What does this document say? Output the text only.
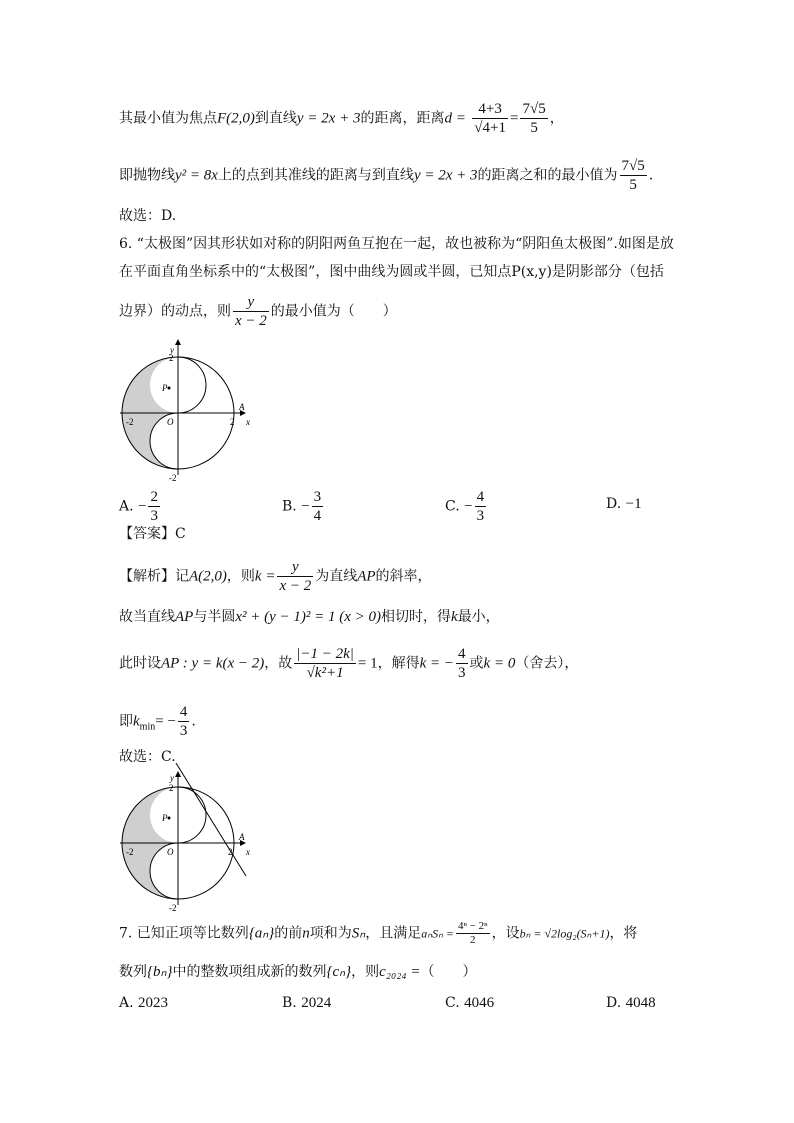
其最小值为焦点F(2,0)到直线y = 2x + 3的距离，距离$d = \frac{4+3}{√4+1} = \frac{7√5}{5}$ ，
即抛物线y² = 8x上的点到其准线的距离与到直线y = 2x + 3的距离之和的最小值为 $\frac{7√5}{5}$ .
故选：D.
6. “太极图”因其形状如对称的阴阳两鱼互抱在一起，故也被称为“阴阳鱼太极图”.如图是放
在平面直角坐标系中的“太极图”，图中曲线为圆或半圆，已知点P(x,y)是阴影部分（包括
边界）的动点，则 $\frac{y}{x - 2}$ 的最小值为（　　）
P
y
x
2
O	2
A
-2
-2
A. − $\frac{2}{3}$	B. − $\frac{3}{4}$	C. − $\frac{4}{3}$	D. −1
【答案】C
【解析】记A(2,0)，则$k = \frac{y}{x - 2}$ 为直线AP的斜率，
故当直线AP与半圆x² + (y − 1)² = 1 (x > 0)相切时，得k最小，
此时设AP : y = k(x − 2)，故 $\frac{|-1 - 2k|}{\text{√k²+1}} = 1$，解得k = − $\frac{4}{3}$ 或k = 0（舍去），
即$k_{min}= - \frac{4}{3}$ .
故选：C.
P
y
x
2
O	2
A
-2
-2
7. 已知正项等比数列{aₙ}的前n项和为Sₙ，且满足$a_nS_n = \frac{\text{4ⁿ − 2ⁿ}}{2}$ ，设bₙ = √2log₂(Sₙ+1)，将
数列{bₙ}中的整数项组成新的数列{cₙ}，则c₂₀₂₄ =（　　）
A. 2023	B. 2024	C. 4046	D. 4048
